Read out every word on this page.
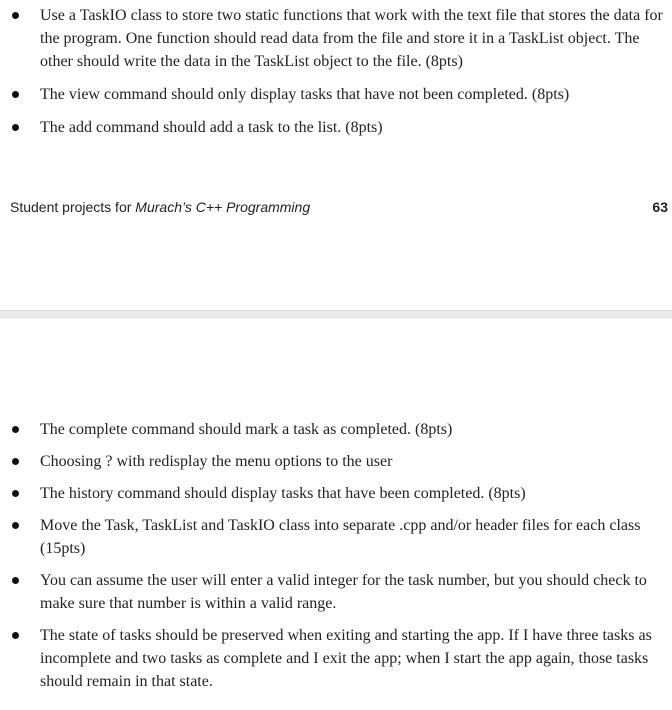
Use a TaskIO class to store two static functions that work with the text file that stores the data for the program. One function should read data from the file and store it in a TaskList object. The other should write the data in the TaskList object to the file. (8pts)
The view command should only display tasks that have not been completed. (8pts)
The add command should add a task to the list. (8pts)
Student projects for Murach’s C++ Programming	63
The complete command should mark a task as completed. (8pts)
Choosing ? with redisplay the menu options to the user
The history command should display tasks that have been completed. (8pts)
Move the Task, TaskList and TaskIO class into separate .cpp and/or header files for each class (15pts)
You can assume the user will enter a valid integer for the task number, but you should check to make sure that number is within a valid range.
The state of tasks should be preserved when exiting and starting the app. If I have three tasks as incomplete and two tasks as complete and I exit the app; when I start the app again, those tasks should remain in that state.
